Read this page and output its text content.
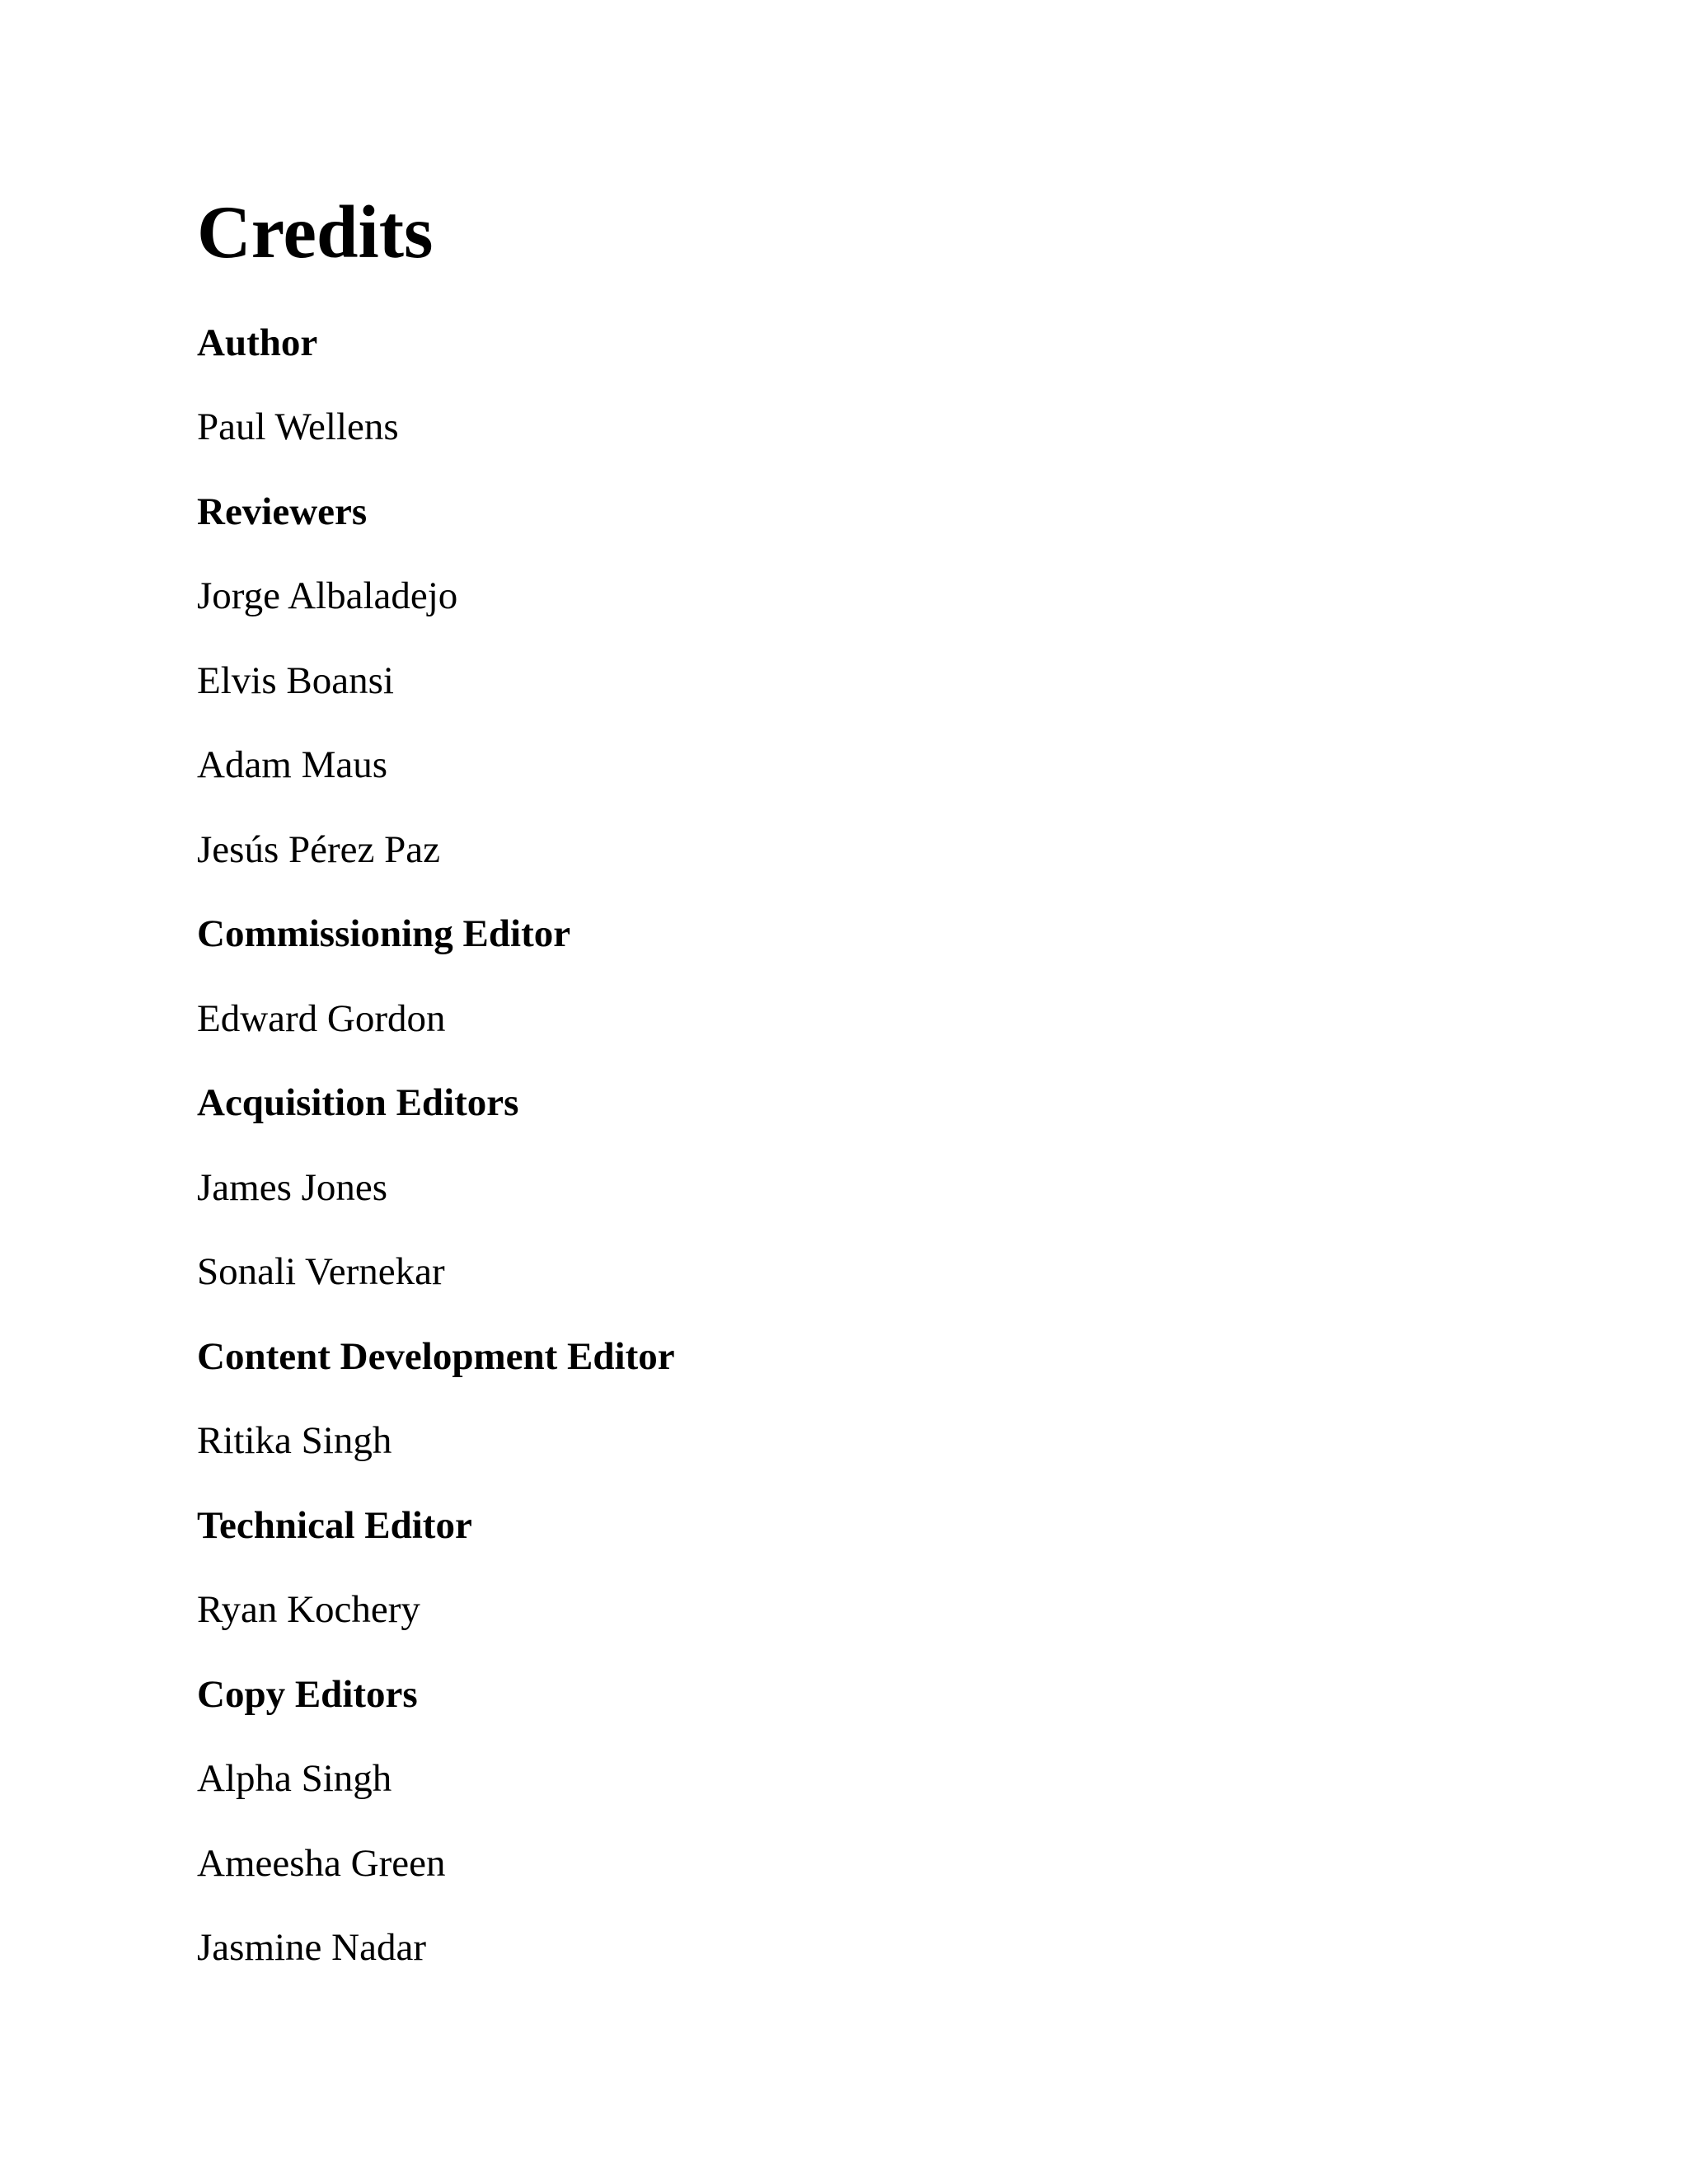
Credits

Author

Paul Wellens

Reviewers

Jorge Albaladejo

Elvis Boansi

Adam Maus

Jesús Pérez Paz

Commissioning Editor

Edward Gordon

Acquisition Editors

James Jones

Sonali Vernekar

Content Development Editor

Ritika Singh

Technical Editor

Ryan Kochery

Copy Editors

Alpha Singh

Ameesha Green

Jasmine Nadar
